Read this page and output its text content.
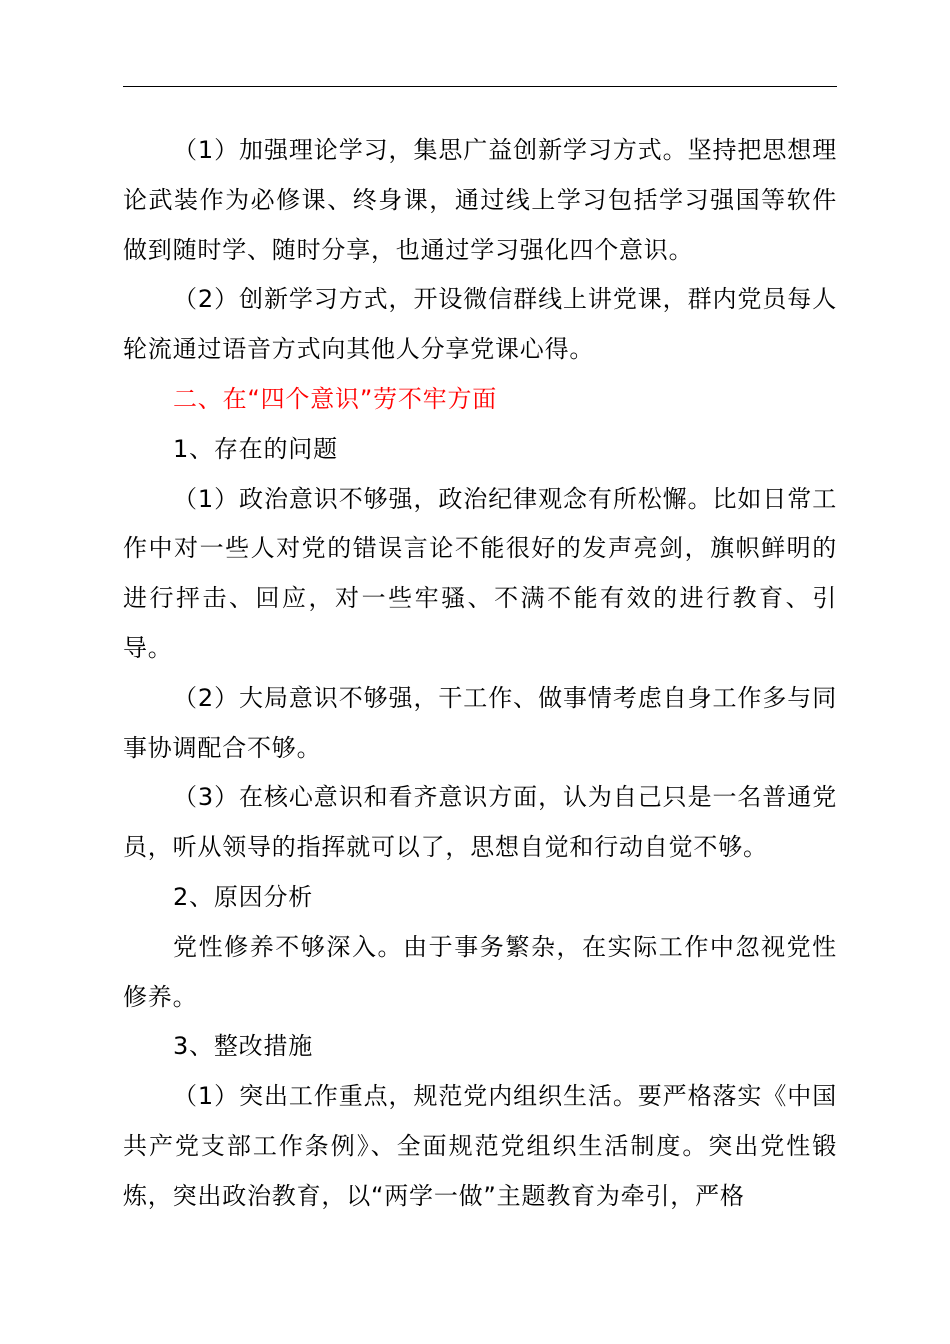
（1）加强理论学习，集思广益创新学习方式。坚持把思想理论武装作为必修课、终身课，通过线上学习包括学习强国等软件做到随时学、随时分享，也通过学习强化四个意识。

（2）创新学习方式，开设微信群线上讲党课，群内党员每人轮流通过语音方式向其他人分享党课心得。

二、在“四个意识”劳不牢方面

1、存在的问题

（1）政治意识不够强，政治纪律观念有所松懈。比如日常工作中对一些人对党的错误言论不能很好的发声亮剑，旗帜鲜明的进行抨击、回应，对一些牢骚、不满不能有效的进行教育、引导。

（2）大局意识不够强，干工作、做事情考虑自身工作多与同事协调配合不够。

（3）在核心意识和看齐意识方面，认为自己只是一名普通党员，听从领导的指挥就可以了，思想自觉和行动自觉不够。

2、原因分析

党性修养不够深入。由于事务繁杂，在实际工作中忽视党性修养。

3、整改措施

（1）突出工作重点，规范党内组织生活。要严格落实《中国共产党支部工作条例》、全面规范党组织生活制度。突出党性锻炼，突出政治教育，以“两学一做”主题教育为牵引，严格
